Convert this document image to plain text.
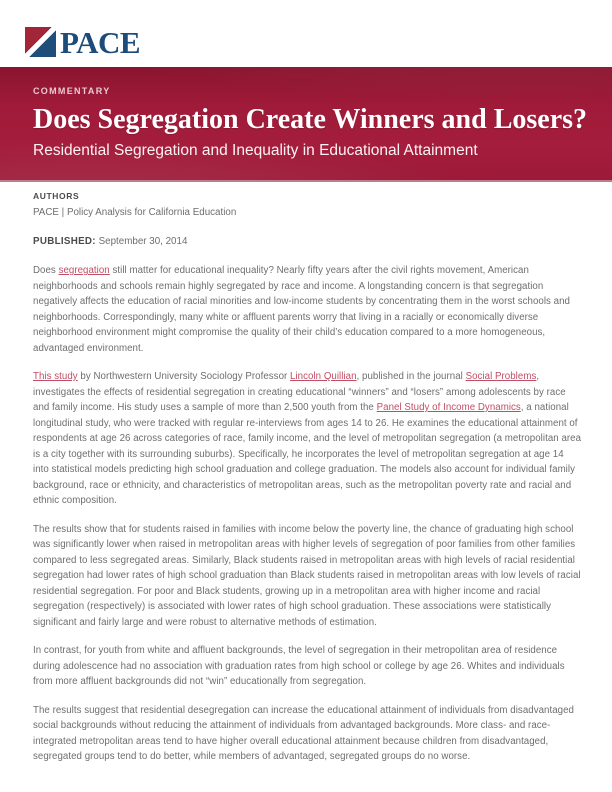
PACE
COMMENTARY
Does Segregation Create Winners and Losers?
Residential Segregation and Inequality in Educational Attainment
AUTHORS
PACE | Policy Analysis for California Education
PUBLISHED: September 30, 2014

Does segregation still matter for educational inequality? Nearly fifty years after the civil rights movement, American neighborhoods and schools remain highly segregated by race and income. A longstanding concern is that segregation negatively affects the education of racial minorities and low-income students by concentrating them in the worst schools and neighborhoods. Correspondingly, many white or affluent parents worry that living in a racially or economically diverse neighborhood environment might compromise the quality of their child’s education compared to a more homogeneous, advantaged environment.

This study by Northwestern University Sociology Professor Lincoln Quillian, published in the journal Social Problems, investigates the effects of residential segregation in creating educational “winners” and “losers” among adolescents by race and family income. His study uses a sample of more than 2,500 youth from the Panel Study of Income Dynamics, a national longitudinal study, who were tracked with regular re-interviews from ages 14 to 26. He examines the educational attainment of respondents at age 26 across categories of race, family income, and the level of metropolitan segregation (a metropolitan area is a city together with its surrounding suburbs). Specifically, he incorporates the level of metropolitan segregation at age 14 into statistical models predicting high school graduation and college graduation. The models also account for individual family background, race or ethnicity, and characteristics of metropolitan areas, such as the metropolitan poverty rate and racial and ethnic composition.

The results show that for students raised in families with income below the poverty line, the chance of graduating high school was significantly lower when raised in metropolitan areas with higher levels of segregation of poor families from other families compared to less segregated areas. Similarly, Black students raised in metropolitan areas with high levels of racial residential segregation had lower rates of high school graduation than Black students raised in metropolitan areas with low levels of racial residential segregation. For poor and Black students, growing up in a metropolitan area with higher income and racial segregation (respectively) is associated with lower rates of high school graduation. These associations were statistically significant and fairly large and were robust to alternative methods of estimation.

In contrast, for youth from white and affluent backgrounds, the level of segregation in their metropolitan area of residence during adolescence had no association with graduation rates from high school or college by age 26. Whites and individuals from more affluent backgrounds did not “win” educationally from segregation.

The results suggest that residential desegregation can increase the educational attainment of individuals from disadvantaged social backgrounds without reducing the attainment of individuals from advantaged backgrounds. More class- and race-integrated metropolitan areas tend to have higher overall educational attainment because children from disadvantaged, segregated groups tend to do better, while members of advantaged, segregated groups do no worse.
